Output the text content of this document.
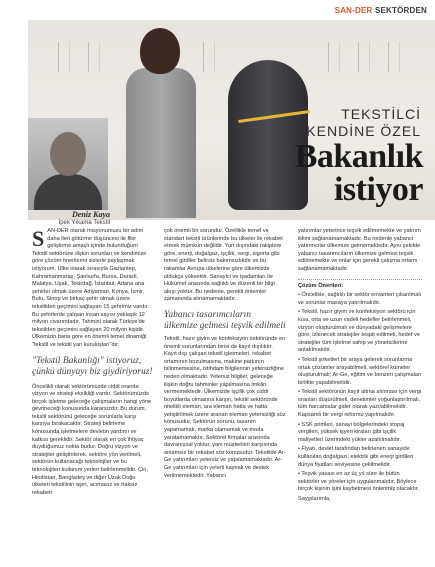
SAN-DER SEKTÖRDEN
Deniz Kaya
İpek Yıkama Tekstil
TEKSTİLCİ
KENDİNE ÖZEL
Bakanlık
istiyor

SAN-DER olarak misyonumuzu bir adım daha ileri götürme düşüncesi ile fikir geliştirme amaçlı içinde bulunduğum Tekstil sektörüne ilişkin sorunları ve kendimize göre çözüm önerilerini sizlerle paylaşmak istiyorum. Ülke olarak sırasıyla Gaziantep, Kahramanmaraş, Şanlıurfa, Bursa, Denizli, Malatya, Uşak, Tekirdağ, İstanbul, Adana ana şehirler olmak üzere Adıyaman, Konya, İzmir, Bolu, Sinop ve birkaç şehir olmak üzere tekstilden geçimini sağlayan 15 şehrimiz vardır. Bu şehirlerde çalışan insan sayısı yaklaşık 12 milyon civarındadır. Tahmini olarak Türkiye'de tekstilden geçimini sağlayan 20 milyon kişidir. Ülkemizin bana göre en önemli temel dinamiği "tekstil ve tekstil yan kuruluşları"dır.

"Tekstil Bakanlığı" istiyoruz, çünkü dünyayı biz giydiriyoruz!

Öncelikli olarak sektörümüzde ciddi oranda vizyon ve strateji eksikliği vardır. Sektörümüzde birçok işletme geleceğe çalışmaların hangi yöne gevrineceği konusunda kararsızdır. Bu durum, tekstil sektörünü geleceğe sorunlarla karşı karşıya bırakacaktır. Strateji belirleme konusunda işletmelere devletin yardımı ve katkısı gereklidir. Sektör olarak en çok ihtiyaç duyduğumuz nokta budur. Doğru vizyon ve stratejiler geliştirilerek, sektöre yön verilmeli, sektörün kullanacağı teknolojiler ve bu teknolojileri kullanım yerleri belirlenmelidir. Çin, Hindistan, Bangladeş ve diğer Uzak Doğu ülkeleri tekstilinin aşırı, acımasız ve haksız rekabeti

çok önemli bir sorundur. Özellikle temel ve standart tekstil ürünlerinde bu ülkeler ile rekabet etmek mümkün değildir. Yurt dışındaki rakiplere göre, enerji, doğalgaz, işçilik, vergi, sigorta gibi temel girdiler belirsiz bakımsızlıkdır ve bu rakamlar Avrupa ülkelerine göre ülkemizde oldukça yüksektir. Sanayici ve işadamları ile Hükümet arasında sağlıklı ve düzenli bir bilgi akışı yoktur. Bu nedenle, gerekli önlemler zamanında alınamamaktadır.

Yabancı tasarımcıların ülkemize gelmesi teşvik edilmeli

Tekstil, hazır giyim ve konfeksiyon sektöründe en önemli sorunlarından birisi de kayıt dışılıktır. Kayıt dışı çalışan tekstil işletmeleri, rekabet ortamının bozulmasına, makine parkının bilinmemesine, istihdam bilgilerinin yetersizliğine neden olmaktadır. Yetersiz bilgiler, geleceğe ilişkin doğru tahminler yapılmasına imkân vermemektedir. Ülkemizde işçilik çok ciddi boyutlarda olmasına karşın, tekstil sektöründe nitelikli eleman, ara eleman hatta ve hatta yetiştirilmek üzere aranan eleman yetersizliği söz konusudur. Sektörün sorunu, tasarım yapamamak, marka olamamak ve moda yaratamamaktır. Sektörel firmalar arasında davranışsal yoktur, yani müşterileri karşısında anlamsız bir rekabet söz konusudur. Tekstilde Ar-Ge yatırımları yetersiz ve yapılamamaktadır. Ar-Ge yatırımları için yeterli kaynak ve destek verilmemektedir. Yabancı

yatırımlar yeterince teşvik edilmemekte ve yatırım iklimi sağlanamamaktadır. Bu nedenle yabancı yatırımcılar ülkemize gelmemektedir. Aynı şekilde yabancı tasarımcıların ülkemize gelmesi teşvik edilmemekte ve onlar için gerekli çalışma ortamı sağlanamamaktadır.

Çözüm Önerileri:

• Öncelikle, sağlıklı bir sektör envanteri çıkarılmalı ve sorunlar masaya yatırılmalıdır.

• Tekstil, hazır giyim ve konfeksiyon sektörü için kısa, orta ve uzun vadeli hedefler belirlenmeli, vizyon oluşturulmalı ve dünyadaki gelişmelere göre, izlenecek stratejiler tespit edilmeli, hedef ve stratejiler tüm işletme sahip ve yöneticilerine anlatılmalıdır.

• Tekstil şirketleri bir araya gelerek sorunlarına ortak çözümler arayabilmeli, sektörel kümeler oluşturulmalı; Ar-Ge, eğitim ve benzeri çalışmaları birlikte yapabilmelidir.

• Tekstil sektörünün kayıt altına alınması için vergi oranları düşürülmeli, denetimler yoğunlaştırılmalı, tüm harcamalar gider olarak yazılabilmelidir. Kapsamlı bir vergi reformu yapılmalıdır.

• SSK primleri, sanayi bölgelerindeki stopaj vergileri, yüksek işyeri kiraları gibi işçilik maliyetleri üzerindeki yükler azaltılmalıdır.

• Fiyatı, devlet tarafından belirlenen sanayide kullanılan doğalgazı, elektrik gibi enerji girdileri dünya fiyatları seviyesine çekilmelidir.

• Teşvik yasası en az üç yıl süre ile bütün sektörler ve yöreler için uygulanmalıdır. Böylece birçok kişinin işini kaybetmesi önlenmiş olacaktır.

Saygılarımla,
